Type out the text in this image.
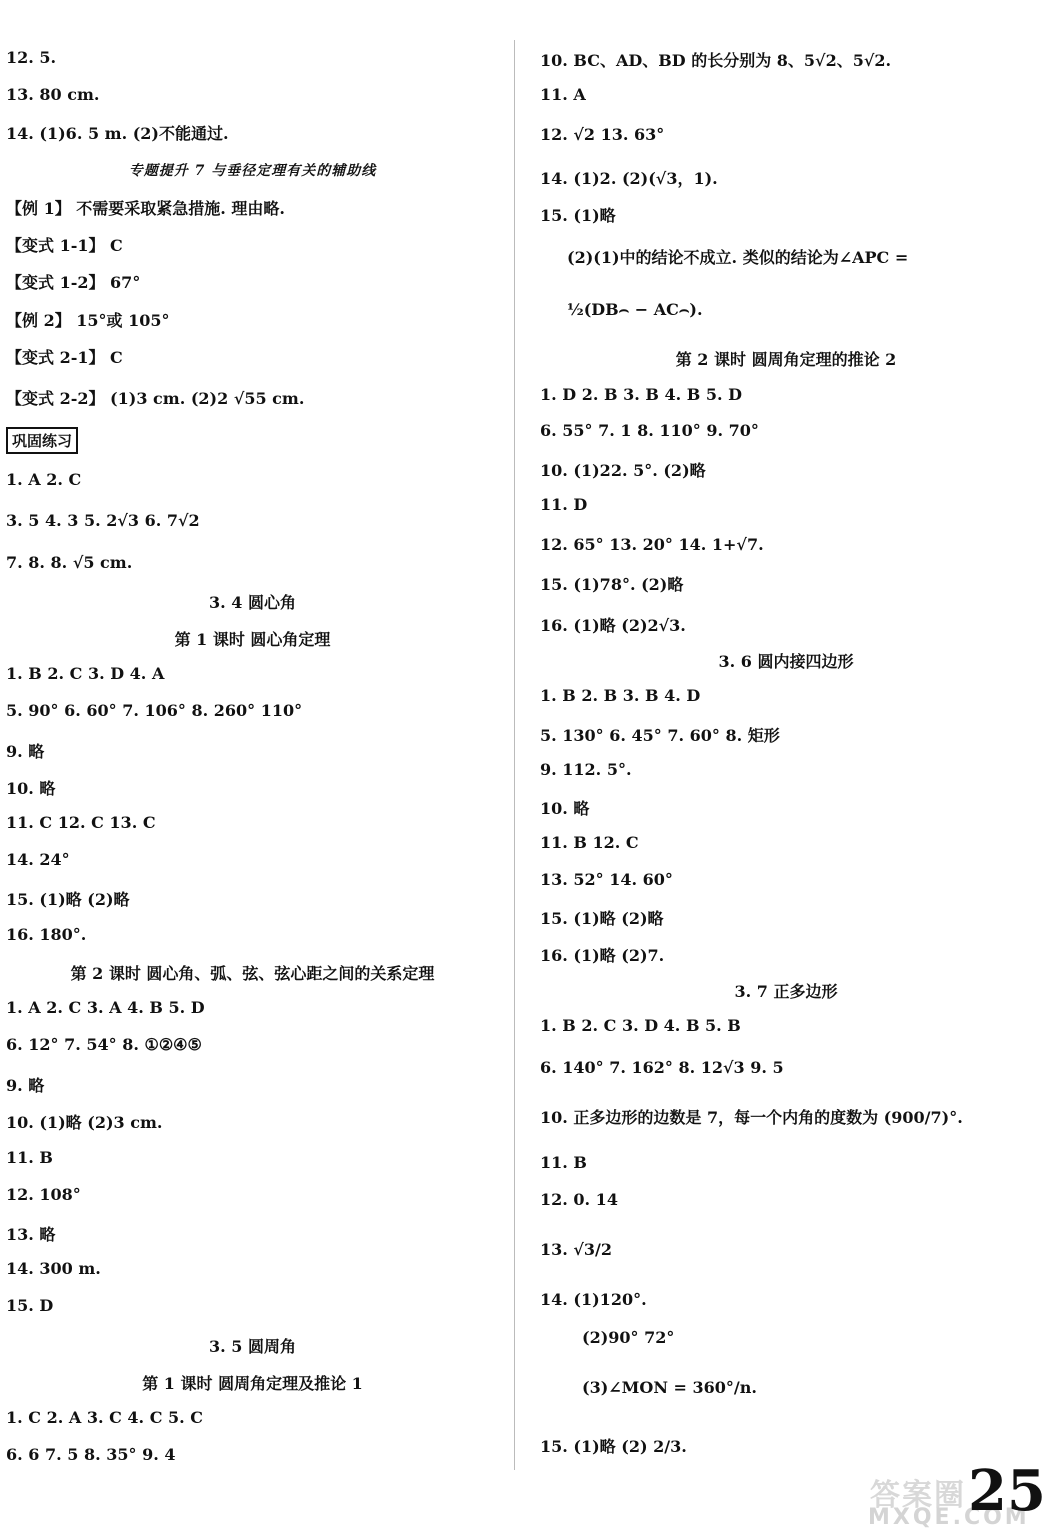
12. 5.
13. 80 cm.
14. (1)6. 5 m. (2)不能通过.
专题提升 7 与垂径定理有关的辅助线
【例 1】 不需要采取紧急措施. 理由略.
【变式 1-1】 C
【变式 1-2】 67°
【例 2】 15°或 105°
【变式 2-1】 C
【变式 2-2】 (1)3 cm. (2)2 √55 cm.
巩固练习
1. A 2. C
3. 5 4. 3 5. 2√3 6. 7√2
7. 8. 8. √5 cm.
3. 4 圆心角
第 1 课时 圆心角定理
1. B 2. C 3. D 4. A
5. 90° 6. 60° 7. 106° 8. 260° 110°
9. 略
10. 略
11. C 12. C 13. C
14. 24°
15. (1)略 (2)略
16. 180°.
第 2 课时 圆心角、弧、弦、弦心距之间的关系定理
1. A 2. C 3. A 4. B 5. D
6. 12° 7. 54° 8. ①②④⑤
9. 略
10. (1)略 (2)3 cm.
11. B
12. 108°
13. 略
14. 300 m.
15. D
3. 5 圆周角
第 1 课时 圆周角定理及推论 1
1. C 2. A 3. C 4. C 5. C
6. 6 7. 5 8. 35° 9. 4
10. BC、AD、BD 的长分别为 8、5√2、5√2.
11. A
12. √2 13. 63°
14. (1)2. (2)(√3，1).
15. (1)略
(2)(1)中的结论不成立. 类似的结论为∠APC =
½(DB⌢ − AC⌢).
第 2 课时 圆周角定理的推论 2
1. D 2. B 3. B 4. B 5. D
6. 55° 7. 1 8. 110° 9. 70°
10. (1)22. 5°. (2)略
11. D
12. 65° 13. 20° 14. 1+√7.
15. (1)78°. (2)略
16. (1)略 (2)2√3.
3. 6 圆内接四边形
1. B 2. B 3. B 4. D
5. 130° 6. 45° 7. 60° 8. 矩形
9. 112. 5°.
10. 略
11. B 12. C
13. 52° 14. 60°
15. (1)略 (2)略
16. (1)略 (2)7.
3. 7 正多边形
1. B 2. C 3. D 4. B 5. B
6. 140° 7. 162° 8. 12√3 9. 5
10. 正多边形的边数是 7，每一个内角的度数为 (900/7)°.
11. B
12. 0. 14
13. √3/2
14. (1)120°.
(2)90° 72°
(3)∠MON = 360°/n.
15. (1)略 (2) 2/3.
答案圈
MXQE.COM
25
